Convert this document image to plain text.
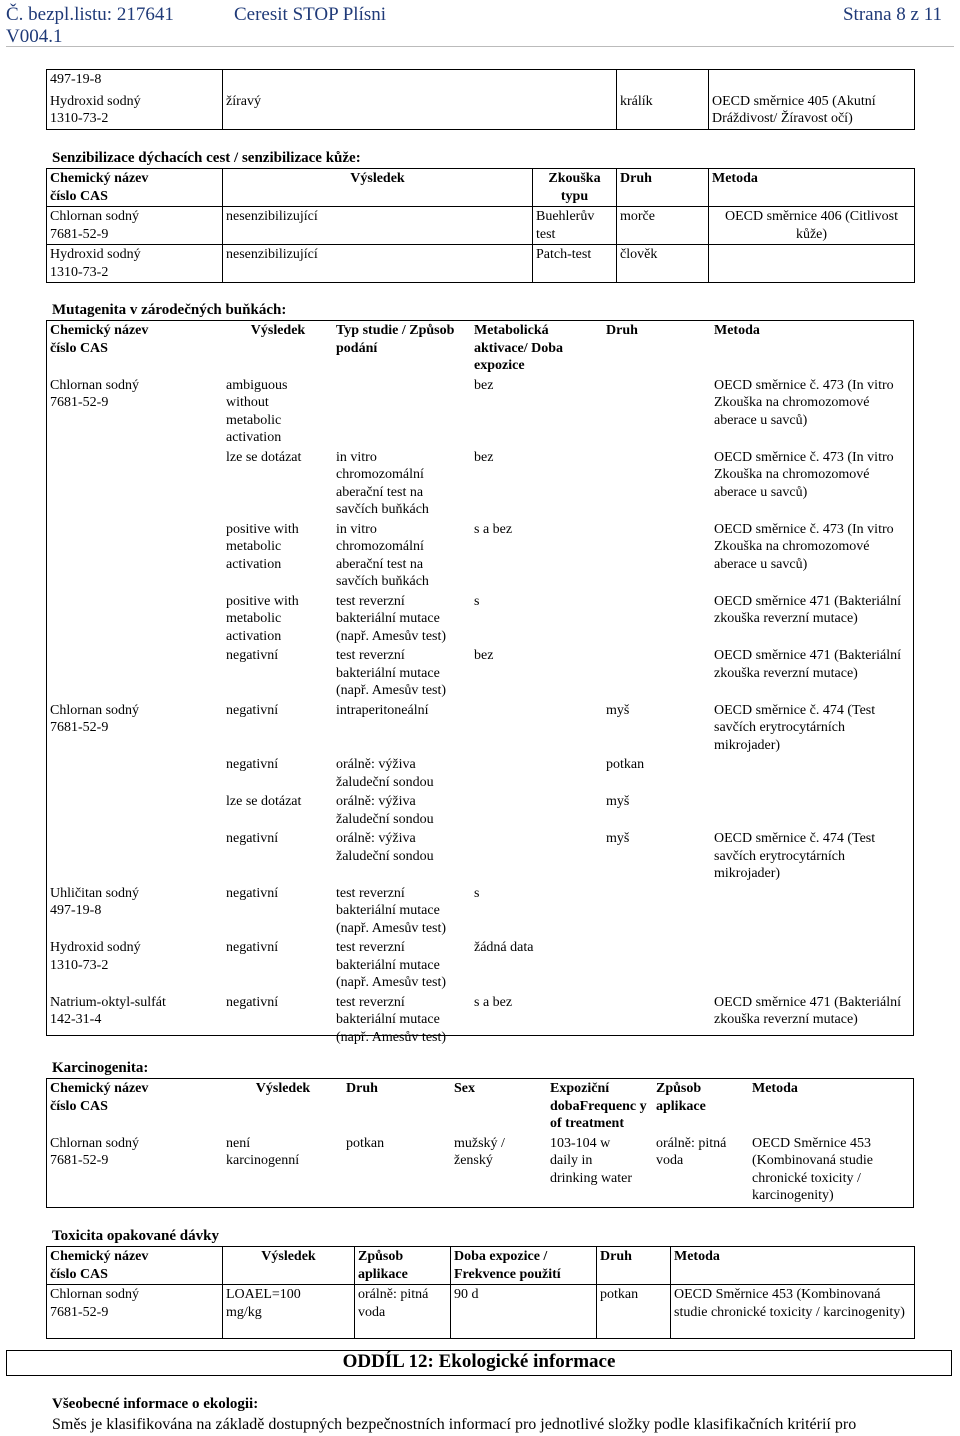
Č. bezpl.listu: 217641	Ceresit STOP Plísni	Strana 8 z 11
V004.1
497-19-8			
Hydroxid sodný
1310-73-2	žíravý	králík	OECD směrnice 405 (Akutní Dráždivost/ Žíravost očí)
Senzibilizace dýchacích cest / senzibilizace kůže:
Chemický název
číslo CAS	Výsledek	Zkouška typu	Druh	Metoda
Chlornan sodný
7681-52-9	nesenzibilizující	Buehlerův test	morče	OECD směrnice 406 (Citlivost kůže)
Hydroxid sodný
1310-73-2	nesenzibilizující	Patch-test	člověk	
Mutagenita v zárodečných buňkách:
Chemický název
číslo CAS	Výsledek	Typ studie / Způsob podání	Metabolická aktivace/ Doba expozice	Druh	Metoda
Chlornan sodný
7681-52-9	ambiguous
without
metabolic
activation		bez		OECD směrnice č. 473 (In vitro Zkouška na chromozomové aberace u savců)
	lze se dotázat	in vitro
chromozomální
aberační test na
savčích buňkách	bez		OECD směrnice č. 473 (In vitro Zkouška na chromozomové aberace u savců)
	positive with
metabolic
activation	in vitro
chromozomální
aberační test na
savčích buňkách	s a bez		OECD směrnice č. 473 (In vitro Zkouška na chromozomové aberace u savců)
	positive with
metabolic
activation	test reverzní
bakteriální mutace
(např. Amesův test)	s		OECD směrnice 471 (Bakteriální zkouška reverzní mutace)
	negativní	test reverzní
bakteriální mutace
(např. Amesův test)	bez		OECD směrnice 471 (Bakteriální zkouška reverzní mutace)
Chlornan sodný
7681-52-9	negativní	intraperitoneální		myš	OECD směrnice č. 474 (Test savčích erytrocytárních mikrojader)
	negativní	orálně: výživa
žaludeční sondou		potkan	
	lze se dotázat	orálně: výživa
žaludeční sondou		myš	
	negativní	orálně: výživa
žaludeční sondou		myš	OECD směrnice č. 474 (Test savčích erytrocytárních mikrojader)
Uhličitan sodný
497-19-8	negativní	test reverzní
bakteriální mutace
(např. Amesův test)	s		
Hydroxid sodný
1310-73-2	negativní	test reverzní
bakteriální mutace
(např. Amesův test)	žádná data		
Natrium-oktyl-sulfát
142-31-4	negativní	test reverzní
bakteriální mutace
(např. Amesův test)	s a bez		OECD směrnice 471 (Bakteriální zkouška reverzní mutace)
Karcinogenita:
Chemický název
číslo CAS	Výsledek	Druh	Sex	Expoziční dobaFrequenc y of treatment	Způsob aplikace	Metoda
Chlornan sodný
7681-52-9	není
karcinogenní	potkan	mužský /
ženský	103-104 w
daily in
drinking water	orálně: pitná
voda	OECD Směrnice 453 (Kombinovaná studie chronické toxicity / karcinogenity)
Toxicita opakované dávky
Chemický název
číslo CAS	Výsledek	Způsob aplikace	Doba expozice / Frekvence použití	Druh	Metoda
Chlornan sodný
7681-52-9	LOAEL=100
mg/kg	orálně: pitná
voda	90 d	potkan	OECD Směrnice 453 (Kombinovaná studie chronické toxicity / karcinogenity)
ODDÍL 12: Ekologické informace
Všeobecné informace o ekologii:
Směs je klasifikována na základě dostupných bezpečnostních informací pro jednotlivé složky podle klasifikačních kritérií pro
